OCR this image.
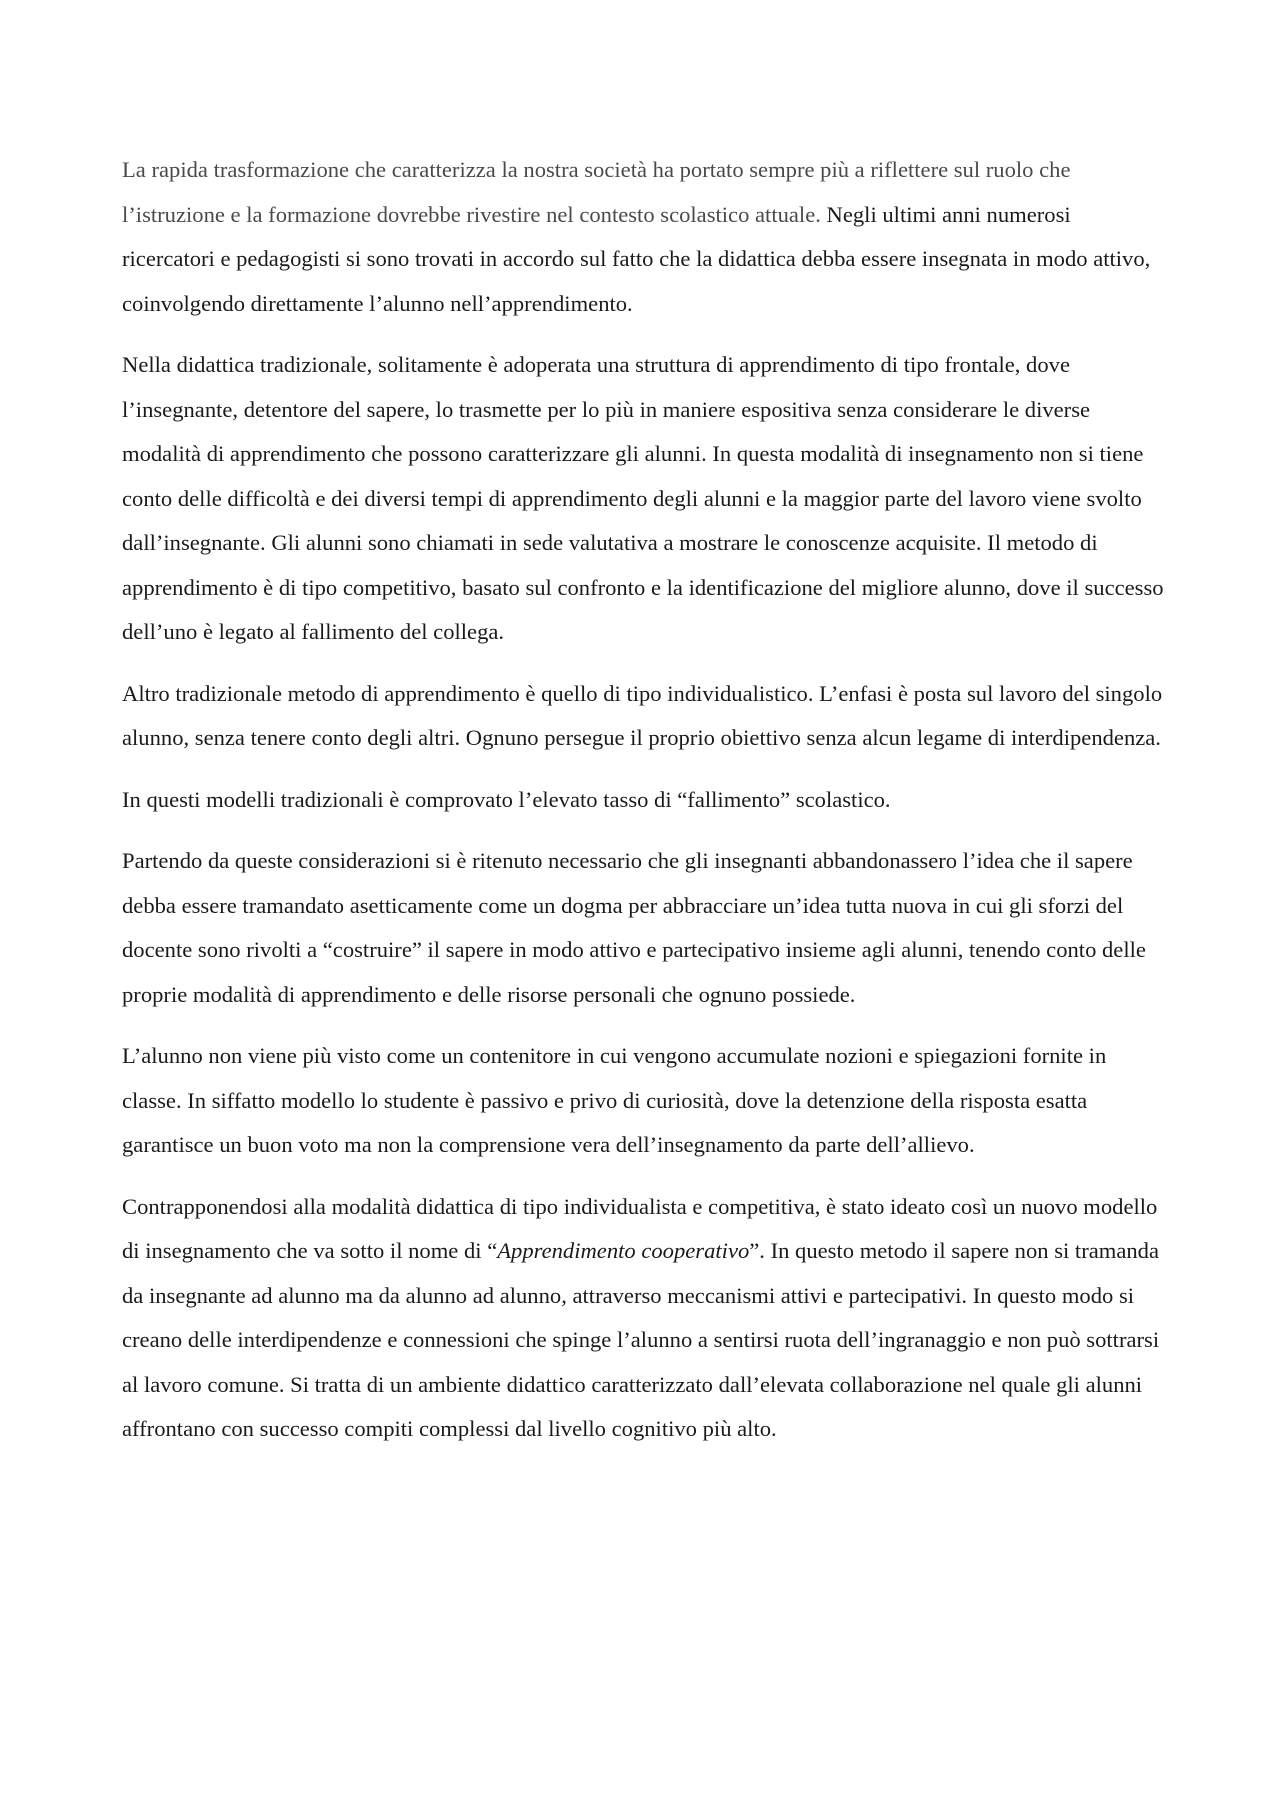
La rapida trasformazione che caratterizza la nostra società ha portato sempre più a riflettere sul ruolo che l’istruzione e la formazione dovrebbe rivestire nel contesto scolastico attuale. Negli ultimi anni numerosi ricercatori e pedagogisti si sono trovati in accordo sul fatto che la didattica debba essere insegnata in modo attivo, coinvolgendo direttamente l’alunno nell’apprendimento.

Nella didattica tradizionale, solitamente è adoperata una struttura di apprendimento di tipo frontale, dove l’insegnante, detentore del sapere, lo trasmette per lo più in maniere espositiva senza considerare le diverse modalità di apprendimento che possono caratterizzare gli alunni. In questa modalità di insegnamento non si tiene conto delle difficoltà e dei diversi tempi di apprendimento degli alunni e la maggior parte del lavoro viene svolto dall’insegnante. Gli alunni sono chiamati in sede valutativa a mostrare le conoscenze acquisite. Il metodo di apprendimento è di tipo competitivo, basato sul confronto e la identificazione del migliore alunno, dove il successo dell’uno è legato al fallimento del collega.

Altro tradizionale metodo di apprendimento è quello di tipo individualistico. L’enfasi è posta sul lavoro del singolo alunno, senza tenere conto degli altri. Ognuno persegue il proprio obiettivo senza alcun legame di interdipendenza.

In questi modelli tradizionali è comprovato l’elevato tasso di “fallimento” scolastico.

Partendo da queste considerazioni si è ritenuto necessario che gli insegnanti abbandonassero l’idea che il sapere debba essere tramandato asetticamente come un dogma per abbracciare un’idea tutta nuova in cui gli sforzi del docente sono rivolti a “costruire” il sapere in modo attivo e partecipativo insieme agli alunni, tenendo conto delle proprie modalità di apprendimento e delle risorse personali che ognuno possiede.

L’alunno non viene più visto come un contenitore in cui vengono accumulate nozioni e spiegazioni fornite in classe. In siffatto modello lo studente è passivo e privo di curiosità, dove la detenzione della risposta esatta garantisce un buon voto ma non la comprensione vera dell’insegnamento da parte dell’allievo.

Contrapponendosi alla modalità didattica di tipo individualista e competitiva, è stato ideato così un nuovo modello di insegnamento che va sotto il nome di “Apprendimento cooperativo”. In questo metodo il sapere non si tramanda da insegnante ad alunno ma da alunno ad alunno, attraverso meccanismi attivi e partecipativi. In questo modo si creano delle interdipendenze e connessioni che spinge l’alunno a sentirsi ruota dell’ingranaggio e non può sottrarsi al lavoro comune. Si tratta di un ambiente didattico caratterizzato dall’elevata collaborazione nel quale gli alunni affrontano con successo compiti complessi dal livello cognitivo più alto.
